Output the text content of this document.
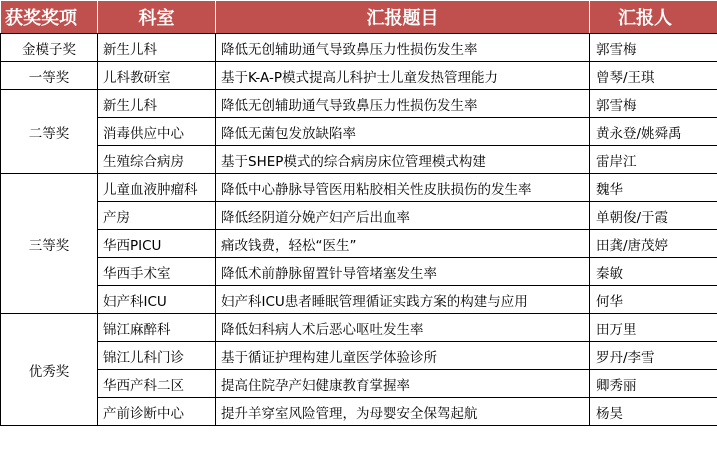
获奖奖项	科室	汇报题目	汇报人
金模子奖	新生儿科	降低无创辅助通气导致鼻压力性损伤发生率	郭雪梅
一等奖	儿科教研室	基于K-A-P模式提高儿科护士儿童发热管理能力	曾琴/王琪
二等奖	新生儿科	降低无创辅助通气导致鼻压力性损伤发生率	郭雪梅
	消毒供应中心	降低无菌包发放缺陷率	黄永登/姚舜禹
	生殖综合病房	基于SHEP模式的综合病房床位管理模式构建	雷岸江
三等奖	儿童血液肿瘤科	降低中心静脉导管医用粘胶相关性皮肤损伤的发生率	魏华
	产房	降低经阴道分娩产妇产后出血率	单朝俊/于霞
	华西PICU	痛改钱费，轻松“医生”	田龚/唐茂婷
	华西手术室	降低术前静脉留置针导管堵塞发生率	秦敏
	妇产科ICU	妇产科ICU患者睡眠管理循证实践方案的构建与应用	何华
优秀奖	锦江麻醉科	降低妇科病人术后恶心呕吐发生率	田万里
	锦江儿科门诊	基于循证护理构建儿童医学体验诊所	罗丹/李雪
	华西产科二区	提高住院孕产妇健康教育掌握率	卿秀丽
	产前诊断中心	提升羊穿室风险管理，为母婴安全保驾起航	杨昊
